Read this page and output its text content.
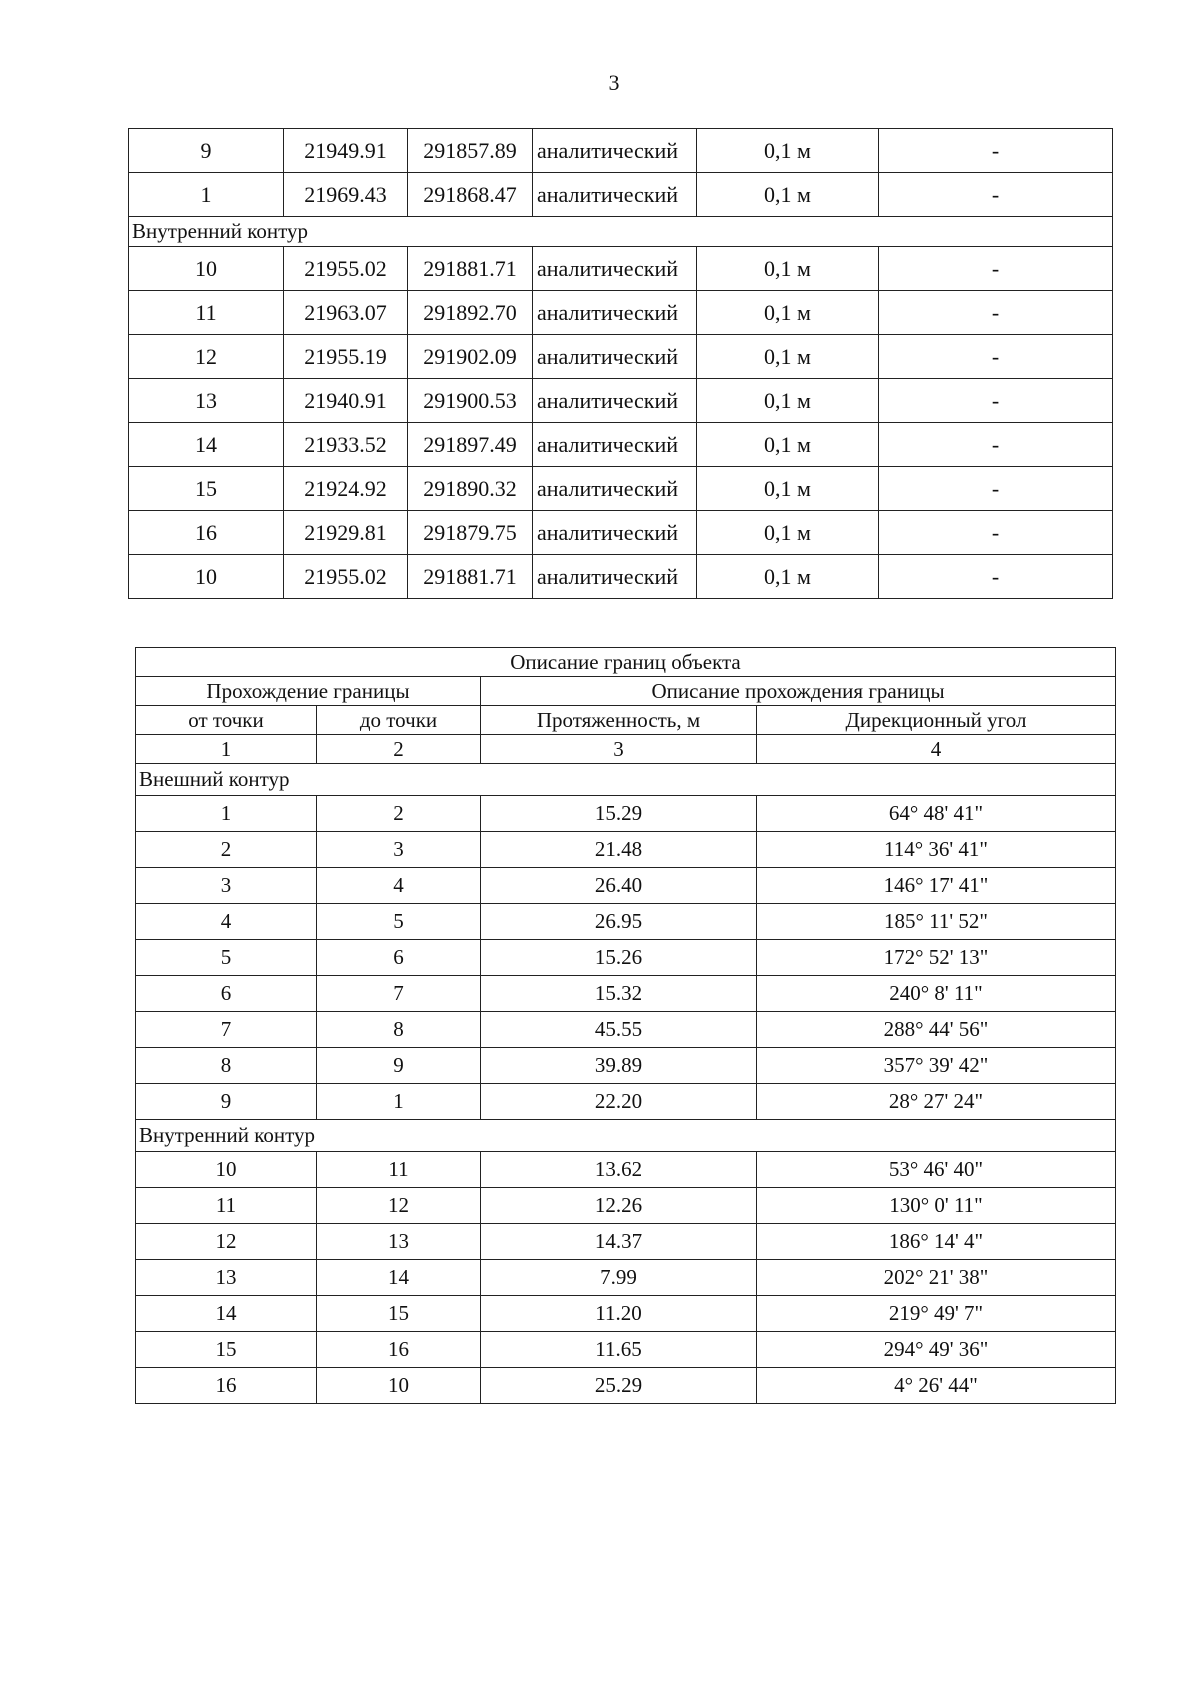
3
9	21949.91	291857.89	аналитический	0,1 м	-
1	21969.43	291868.47	аналитический	0,1 м	-
Внутренний контур					
10	21955.02	291881.71	аналитический	0,1 м	-
11	21963.07	291892.70	аналитический	0,1 м	-
12	21955.19	291902.09	аналитический	0,1 м	-
13	21940.91	291900.53	аналитический	0,1 м	-
14	21933.52	291897.49	аналитический	0,1 м	-
15	21924.92	291890.32	аналитический	0,1 м	-
16	21929.81	291879.75	аналитический	0,1 м	-
10	21955.02	291881.71	аналитический	0,1 м	-
Описание границ объекта			
Прохождение границы		Описание прохождения границы	
от точки	до точки	Протяженность, м	Дирекционный угол
1	2	3	4
Внешний контур			
1	2	15.29	64° 48' 41"
2	3	21.48	114° 36' 41"
3	4	26.40	146° 17' 41"
4	5	26.95	185° 11' 52"
5	6	15.26	172° 52' 13"
6	7	15.32	240° 8' 11"
7	8	45.55	288° 44' 56"
8	9	39.89	357° 39' 42"
9	1	22.20	28° 27' 24"
Внутренний контур			
10	11	13.62	53° 46' 40"
11	12	12.26	130° 0' 11"
12	13	14.37	186° 14' 4"
13	14	7.99	202° 21' 38"
14	15	11.20	219° 49' 7"
15	16	11.65	294° 49' 36"
16	10	25.29	4° 26' 44"
